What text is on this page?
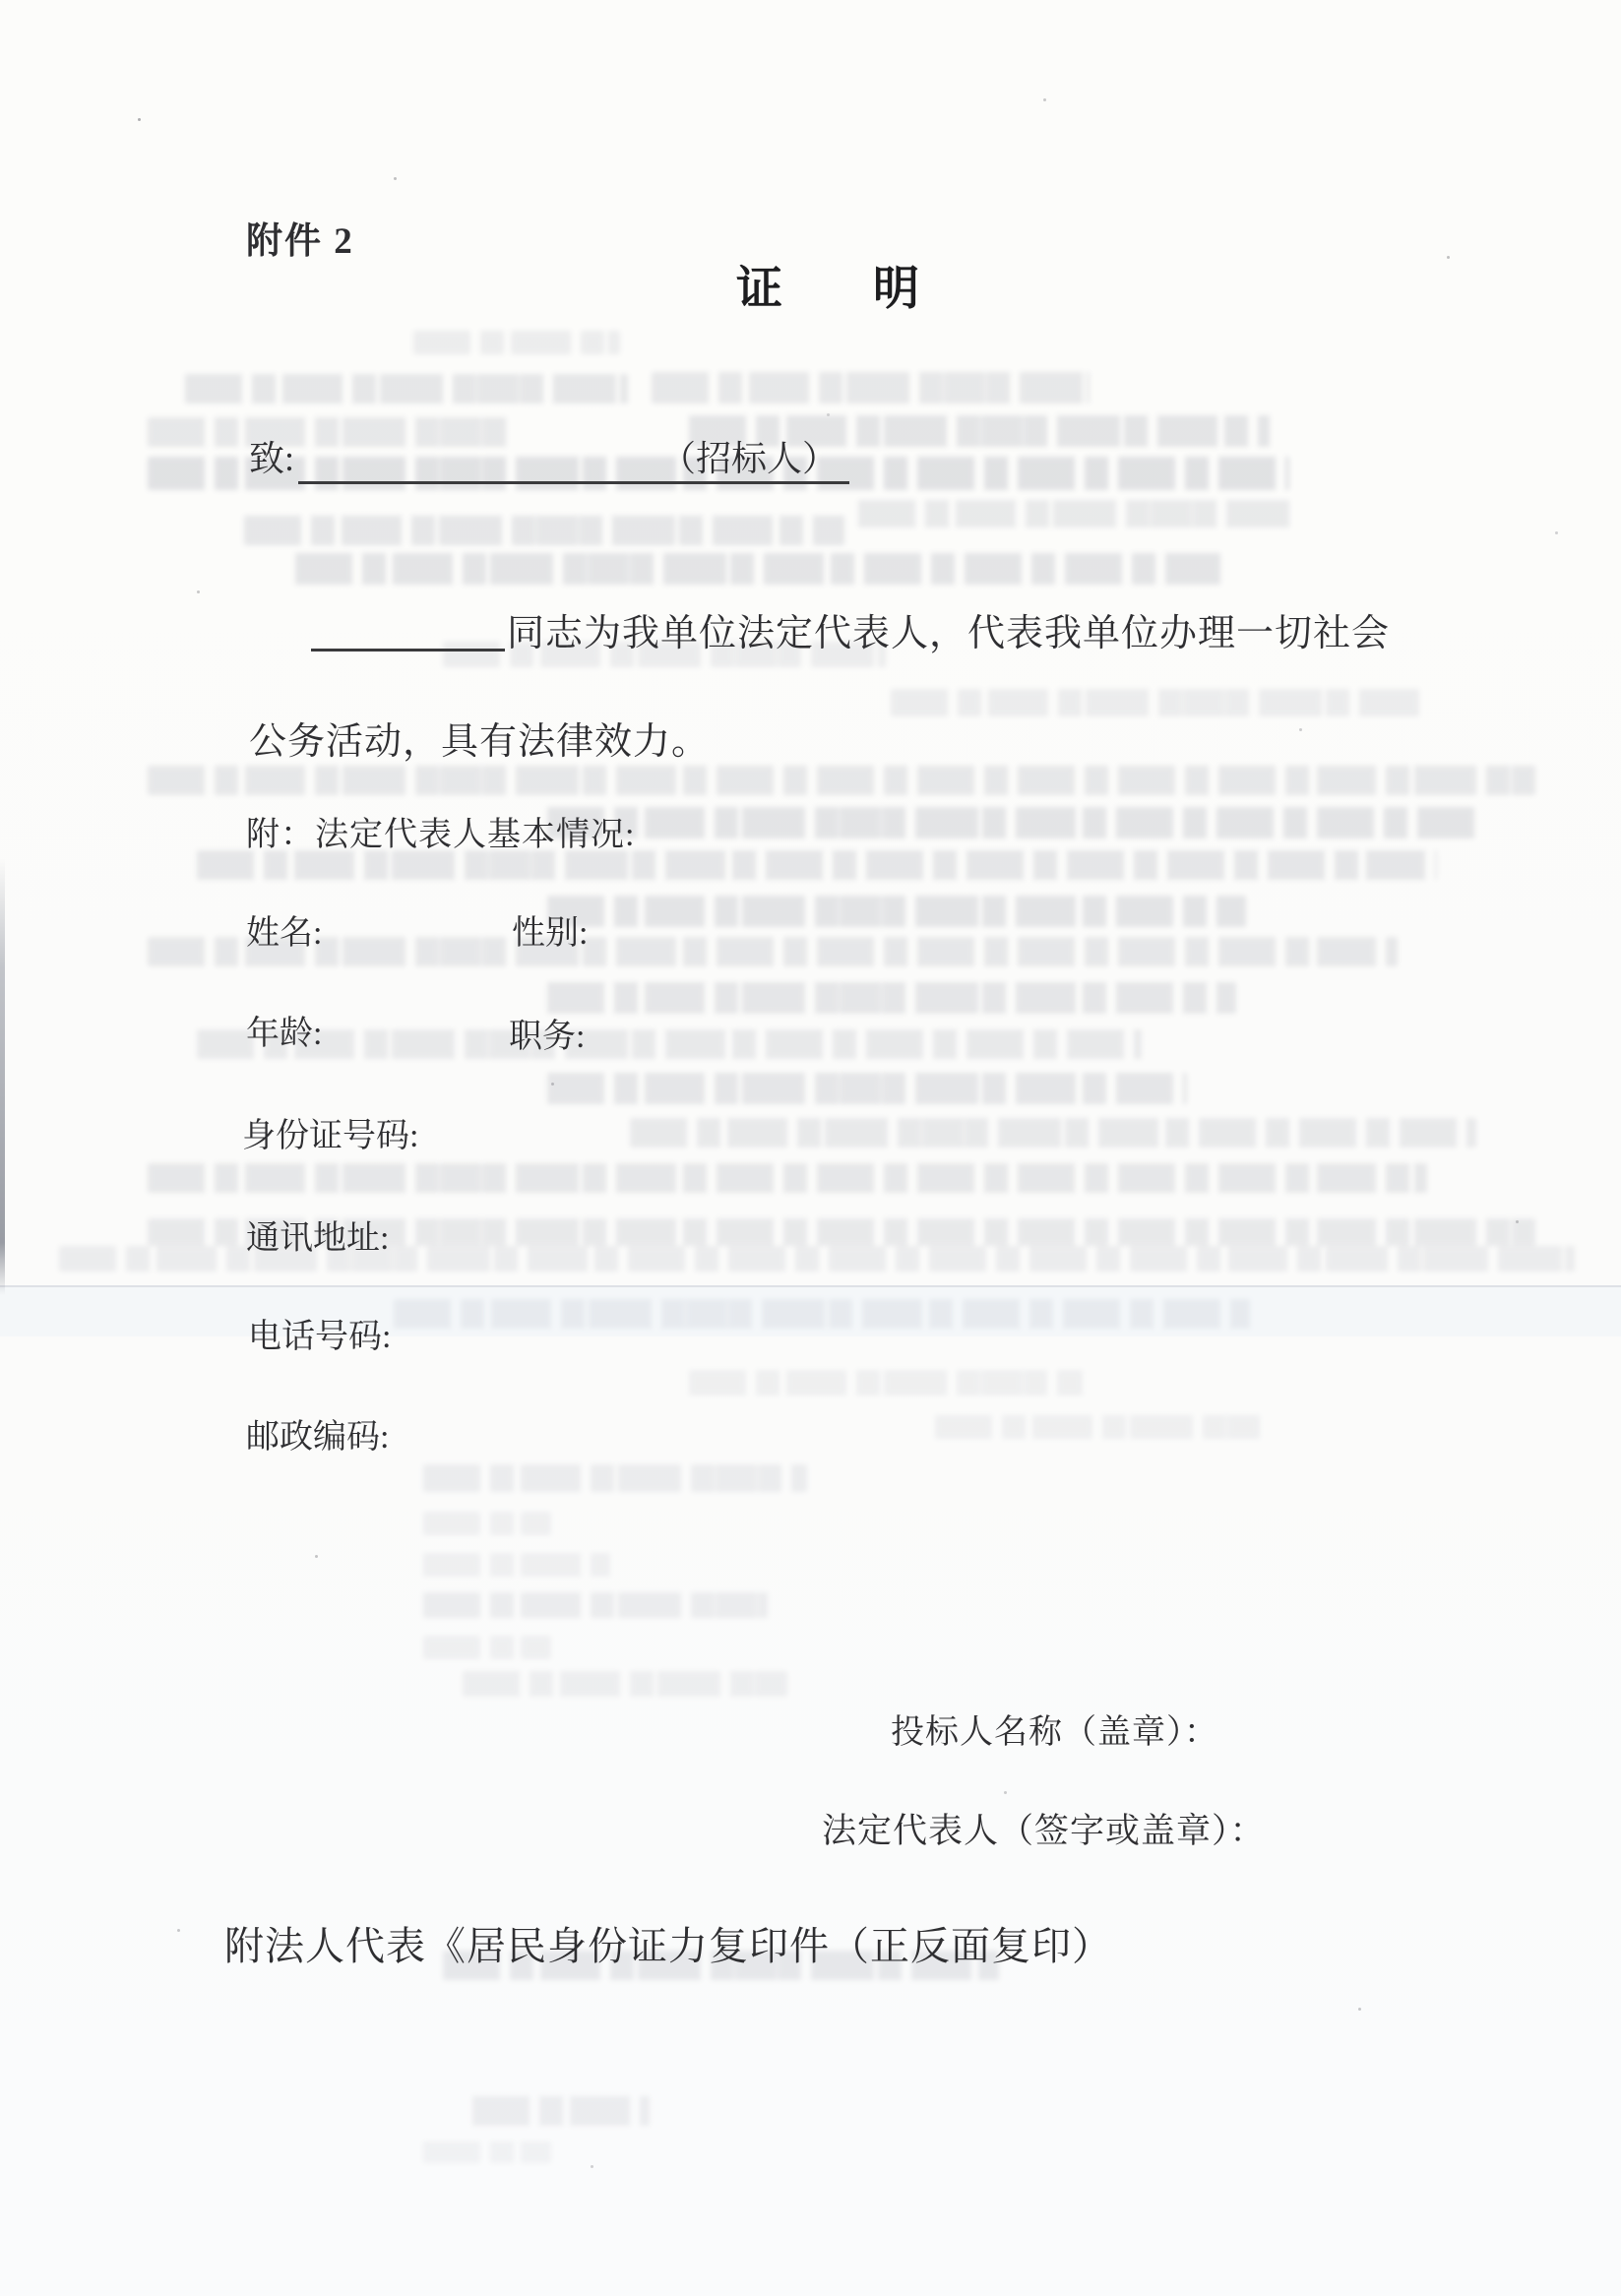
附件 2
证明
致:	（招标人）
同志为我单位法定代表人，代表我单位办理一切社会
公务活动，具有法律效力。
附：法定代表人基本情况:
姓名:	性别:
年龄:	职务:
身份证号码:
通讯地址:
电话号码:
邮政编码:
投标人名称（盖章）：
法定代表人（签字或盖章）：
附法人代表《居民身份证力复印件（正反面复印）
